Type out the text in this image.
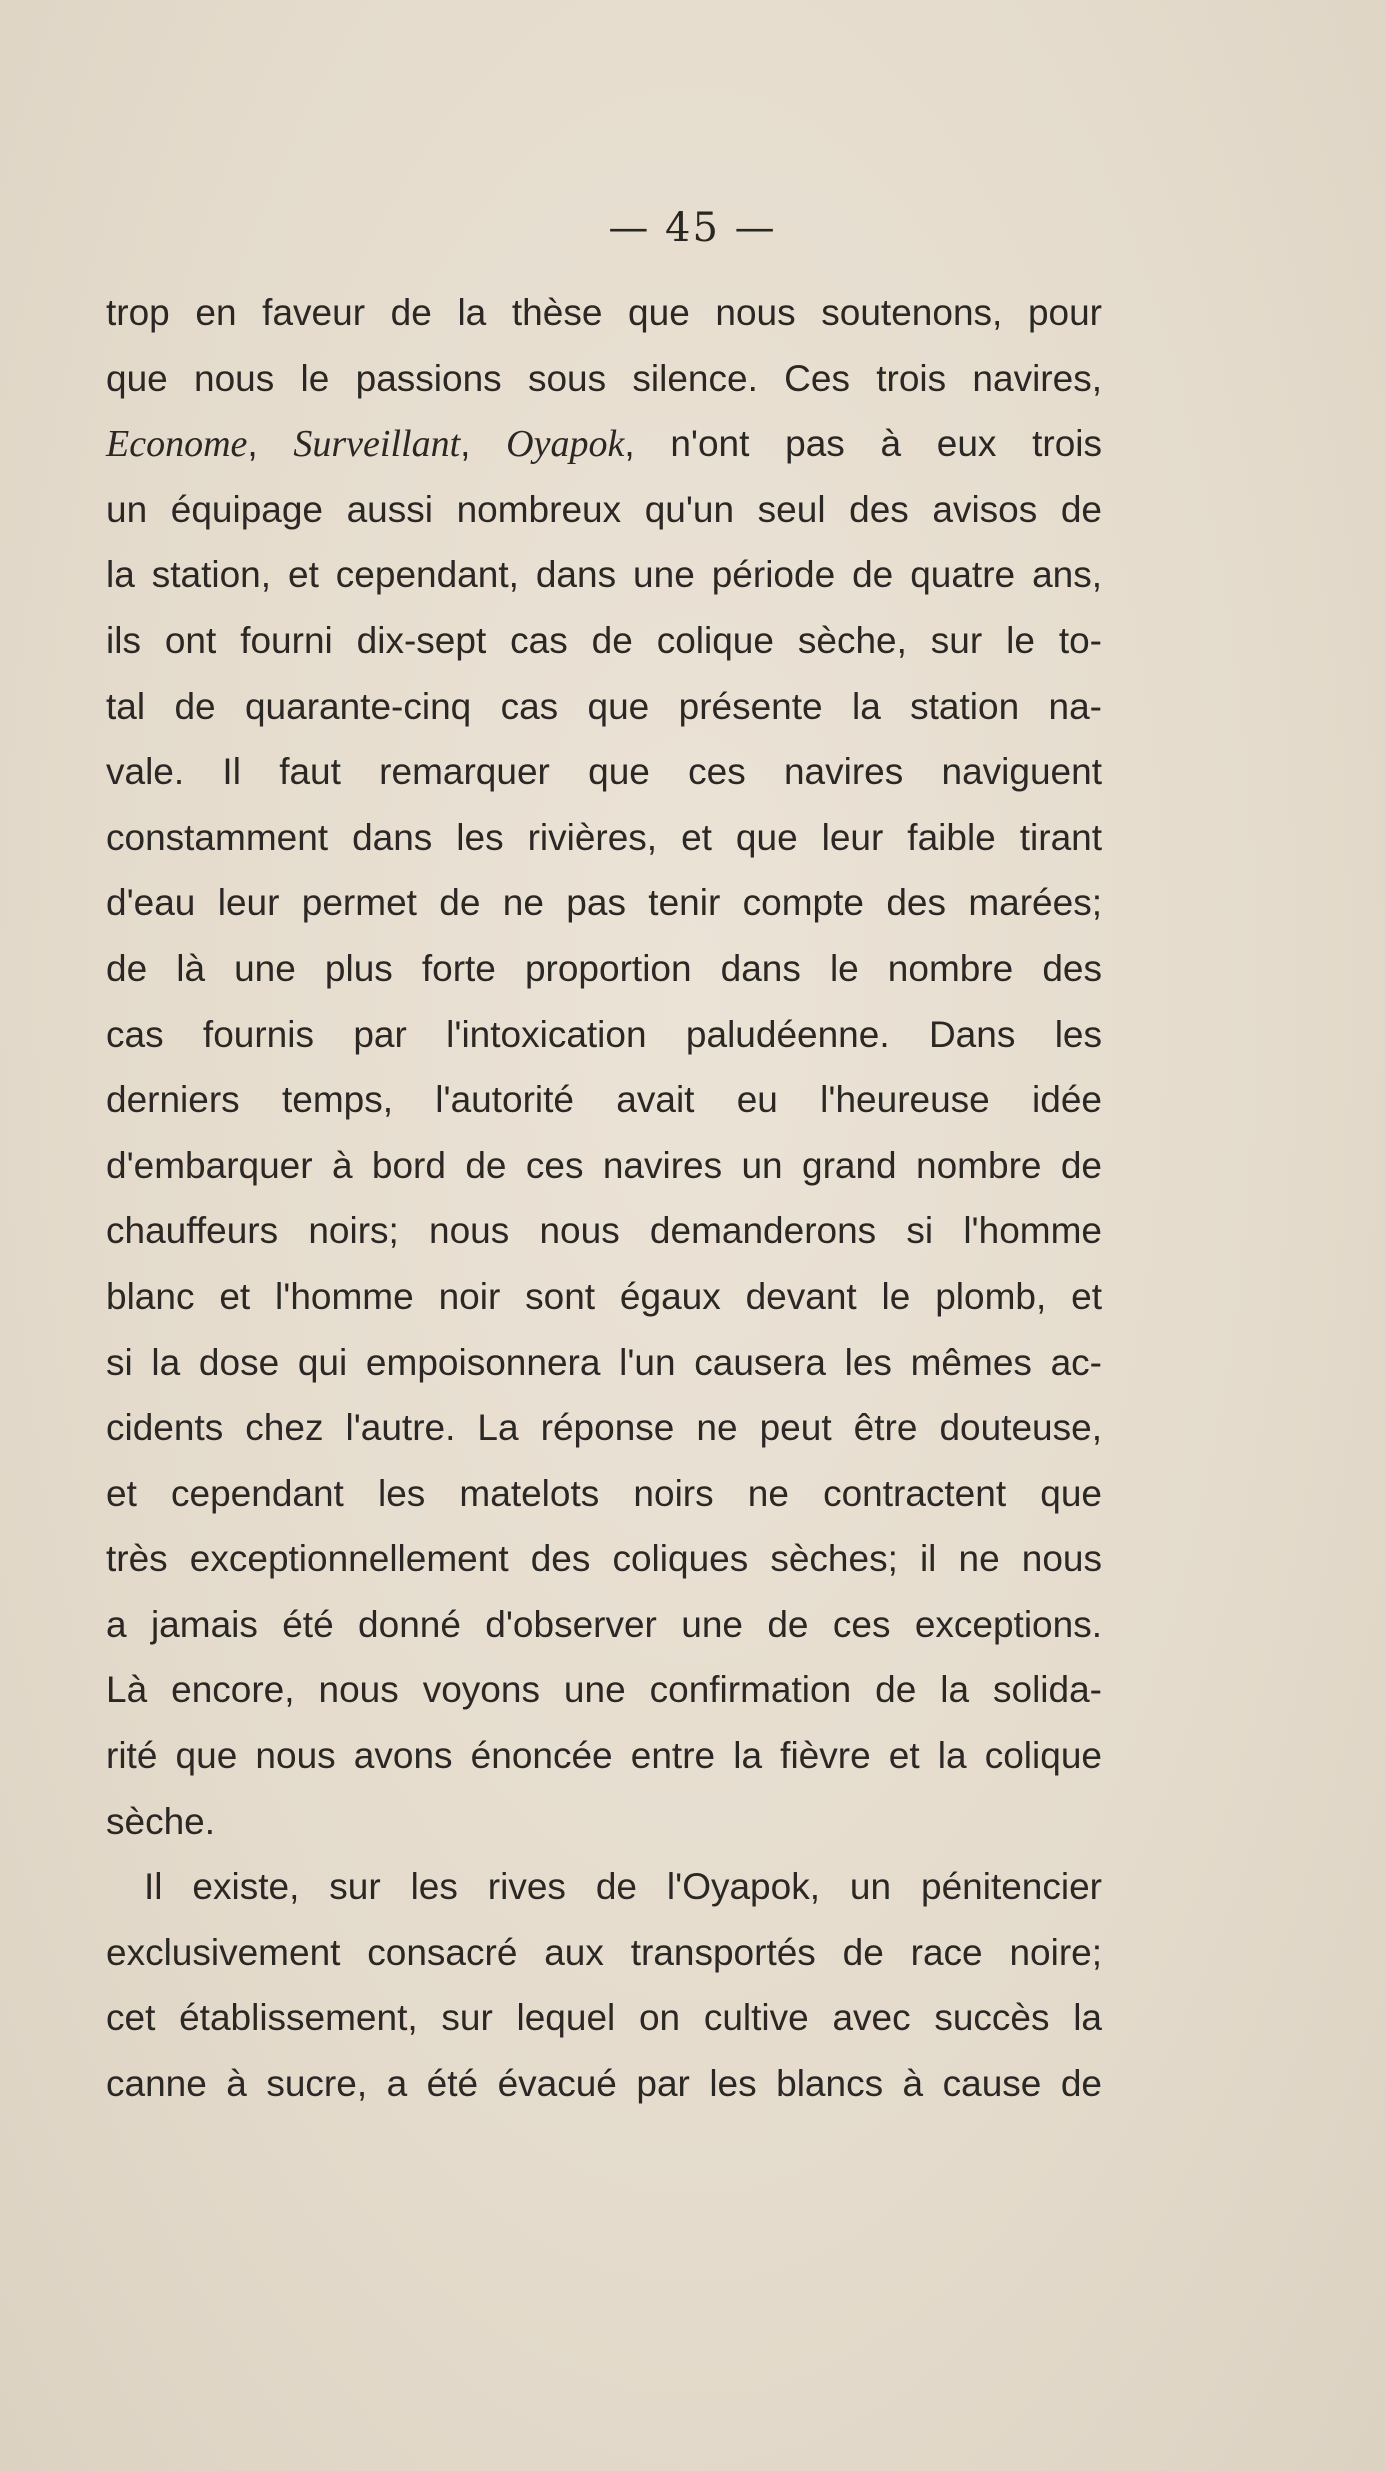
— 45 —
trop en faveur de la thèse que nous soutenons, pour
que nous le passions sous silence. Ces trois navires,
Econome, Surveillant, Oyapok, n'ont pas à eux trois
un équipage aussi nombreux qu'un seul des avisos de
la station, et cependant, dans une période de quatre ans,
ils ont fourni dix-sept cas de colique sèche, sur le to-
tal de quarante-cinq cas que présente la station na-
vale. Il faut remarquer que ces navires naviguent
constamment dans les rivières, et que leur faible tirant
d'eau leur permet de ne pas tenir compte des marées;
de là une plus forte proportion dans le nombre des
cas fournis par l'intoxication paludéenne. Dans les
derniers temps, l'autorité avait eu l'heureuse idée
d'embarquer à bord de ces navires un grand nombre de
chauffeurs noirs; nous nous demanderons si l'homme
blanc et l'homme noir sont égaux devant le plomb, et
si la dose qui empoisonnera l'un causera les mêmes ac-
cidents chez l'autre. La réponse ne peut être douteuse,
et cependant les matelots noirs ne contractent que
très exceptionnellement des coliques sèches; il ne nous
a jamais été donné d'observer une de ces exceptions.
Là encore, nous voyons une confirmation de la solida-
rité que nous avons énoncée entre la fièvre et la colique
sèche.
Il existe, sur les rives de l'Oyapok, un pénitencier
exclusivement consacré aux transportés de race noire;
cet établissement, sur lequel on cultive avec succès la
canne à sucre, a été évacué par les blancs à cause de
